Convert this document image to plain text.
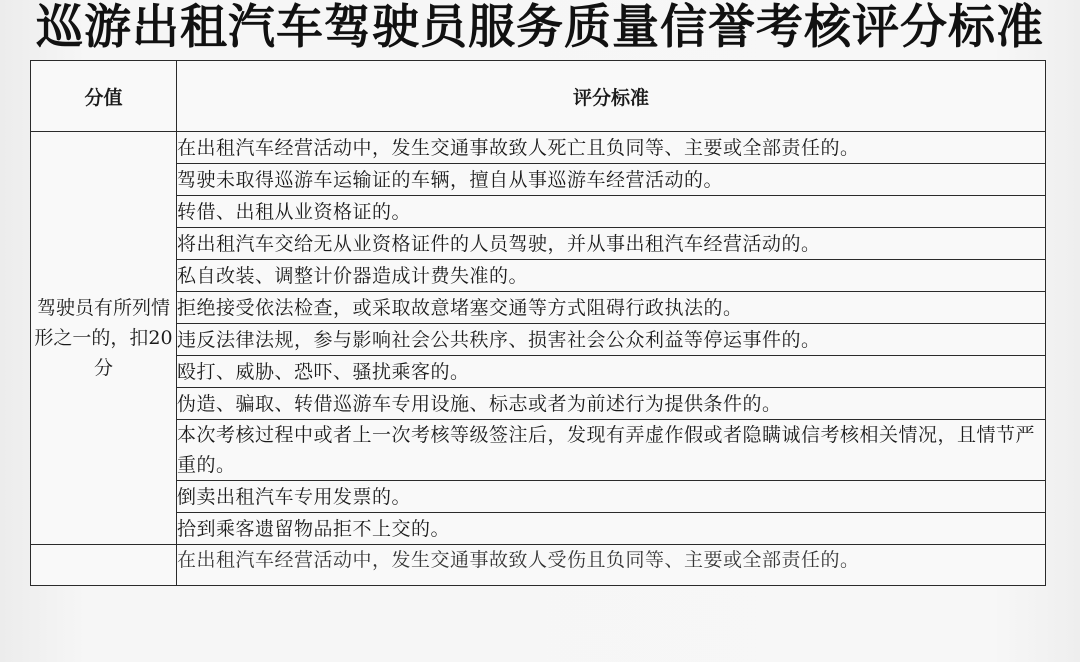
巡游出租汽车驾驶员服务质量信誉考核评分标准
分值	评分标准
驾驶员有所列情形之一的，扣20分	在出租汽车经营活动中，发生交通事故致人死亡且负同等、主要或全部责任的。
	驾驶未取得巡游车运输证的车辆，擅自从事巡游车经营活动的。
	转借、出租从业资格证的。
	将出租汽车交给无从业资格证件的人员驾驶，并从事出租汽车经营活动的。
	私自改装、调整计价器造成计费失准的。
	拒绝接受依法检查，或采取故意堵塞交通等方式阻碍行政执法的。
	违反法律法规，参与影响社会公共秩序、损害社会公众利益等停运事件的。
	殴打、威胁、恐吓、骚扰乘客的。
	伪造、骗取、转借巡游车专用设施、标志或者为前述行为提供条件的。
	本次考核过程中或者上一次考核等级签注后，发现有弄虚作假或者隐瞒诚信考核相关情况，且情节严重的。
	倒卖出租汽车专用发票的。
	拾到乘客遗留物品拒不上交的。
	在出租汽车经营活动中，发生交通事故致人受伤且负同等、主要或全部责任的。
